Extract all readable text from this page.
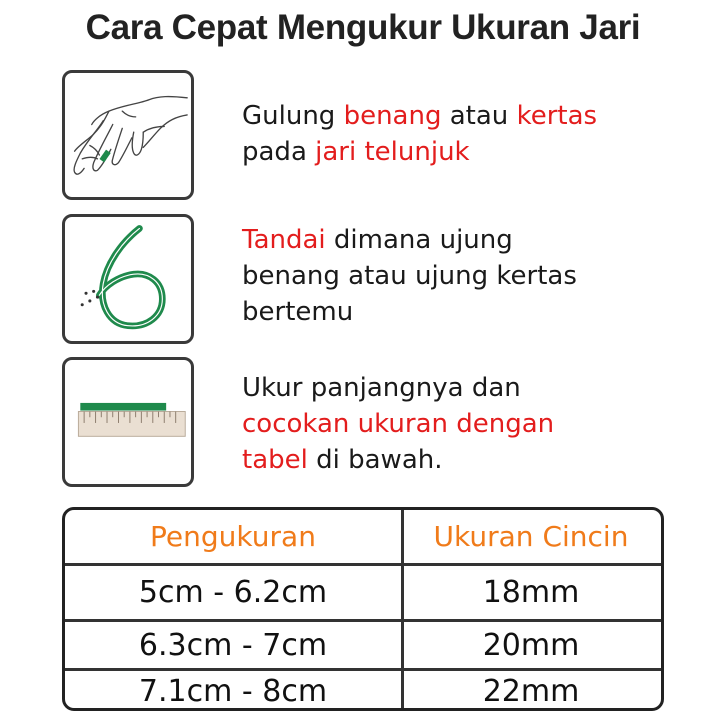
Cara Cepat Mengukur Ukuran Jari
Gulung benang atau kertas
pada jari telunjuk
Tandai dimana ujung
benang atau ujung kertas
bertemu
Ukur panjangnya dan
cocokan ukuran dengan
tabel di bawah.
Pengukuran	Ukuran Cincin
5cm - 6.2cm	18mm
6.3cm - 7cm	20mm
7.1cm - 8cm	22mm
